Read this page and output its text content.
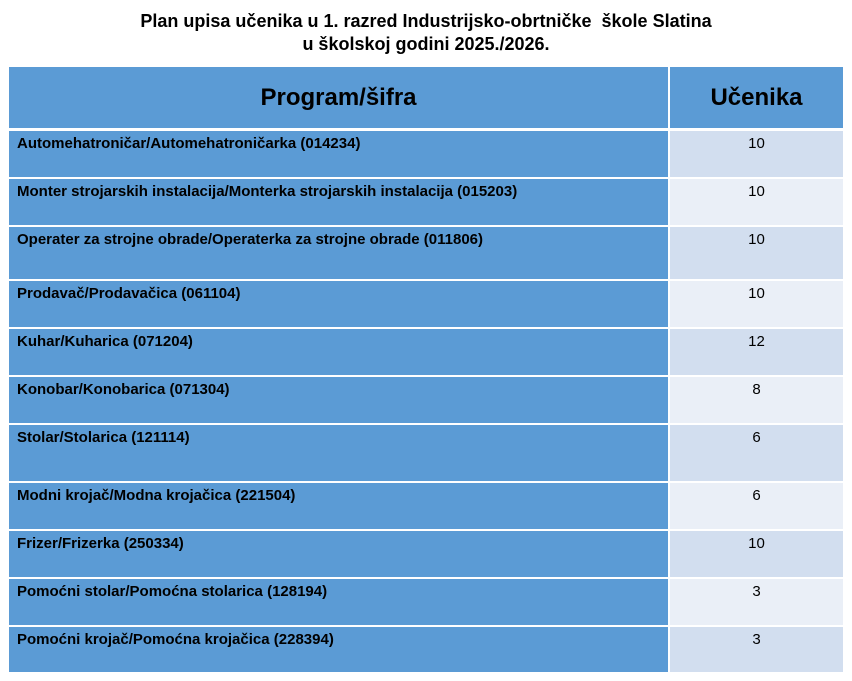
Plan upisa učenika u 1. razred Industrijsko-obrtničke  škole Slatina
u školskoj godini 2025./2026.
Program/šifra	Učenika
Automehatroničar/Automehatroničarka (014234)	10
Monter strojarskih instalacija/Monterka strojarskih instalacija (015203)	10
Operater za strojne obrade/Operaterka za strojne obrade (011806)	10
Prodavač/Prodavačica (061104)	10
Kuhar/Kuharica (071204)	12
Konobar/Konobarica (071304)	8
Stolar/Stolarica (121114)	6
Modni krojač/Modna krojačica (221504)	6
Frizer/Frizerka (250334)	10
Pomoćni stolar/Pomoćna stolarica (128194)	3
Pomoćni krojač/Pomoćna krojačica (228394)	3
